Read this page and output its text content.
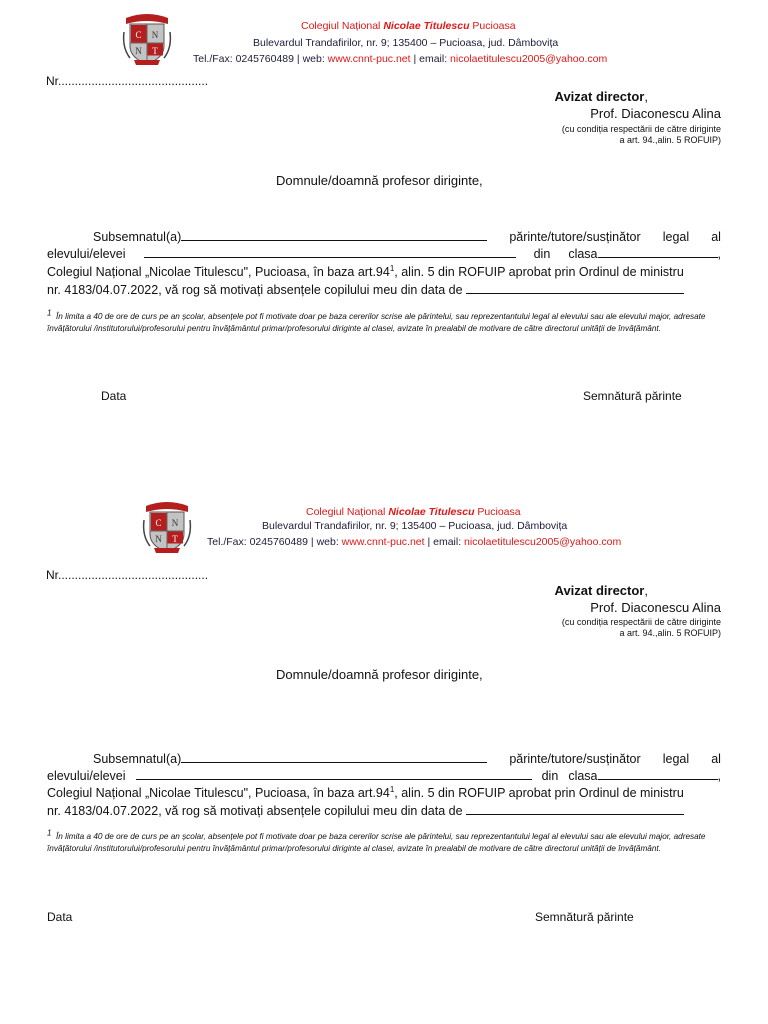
C N
N T
Colegiul Național Nicolae Titulescu Pucioasa
Bulevardul Trandafirilor, nr. 9; 135400 – Pucioasa, jud. Dâmbovița
Tel./Fax: 0245760489 | web: www.cnnt-puc.net | email: nicolaetitulescu2005@yahoo.com
Nr.............................................
Avizat director,
Prof. Diaconescu Alina
(cu condiția respectării de către diriginte
a art. 94.,alin. 5 ROFUIP)
Domnule/doamnă profesor diriginte,
Subsemnatul(a)	părinte/tutore/susținător legal al
elevului/elevei	din clasa	,
Colegiul Național „Nicolae Titulescu", Pucioasa, în baza $art.94^1$, alin. 5 din ROFUIP aprobat prin Ordinul de ministru
nr. 4183/04.07.2022, vă rog să motivați absențele copilului meu din data de
$^1$ În limita a 40 de ore de curs pe an școlar, absențele pot fi motivate doar pe baza cererilor scrise ale părintelui, sau reprezentantului legal al elevului sau ale elevului major, adresate învățătorului /institutorului/profesorului pentru învățământul primar/profesorului diriginte al clasei, avizate în prealabil de motivare de către directorul unității de învățământ.
Data	Semnătură părinte
C N
N T
Colegiul Național Nicolae Titulescu Pucioasa
Bulevardul Trandafirilor, nr. 9; 135400 – Pucioasa, jud. Dâmbovița
Tel./Fax: 0245760489 | web: www.cnnt-puc.net | email: nicolaetitulescu2005@yahoo.com
Nr.............................................
Avizat director,
Prof. Diaconescu Alina
(cu condiția respectării de către diriginte
a art. 94.,alin. 5 ROFUIP)
Domnule/doamnă profesor diriginte,
Subsemnatul(a)	părinte/tutore/susținător legal al
elevului/elevei	din clasa	,
Colegiul Național „Nicolae Titulescu", Pucioasa, în baza $art.94^1$, alin. 5 din ROFUIP aprobat prin Ordinul de ministru
nr. 4183/04.07.2022, vă rog să motivați absențele copilului meu din data de
$^1$ În limita a 40 de ore de curs pe an școlar, absențele pot fi motivate doar pe baza cererilor scrise ale părintelui, sau reprezentantului legal al elevului sau ale elevului major, adresate învățătorului /institutorului/profesorului pentru învățământul primar/profesorului diriginte al clasei, avizate în prealabil de motivare de către directorul unității de învățământ.
Data	Semnătură părinte
